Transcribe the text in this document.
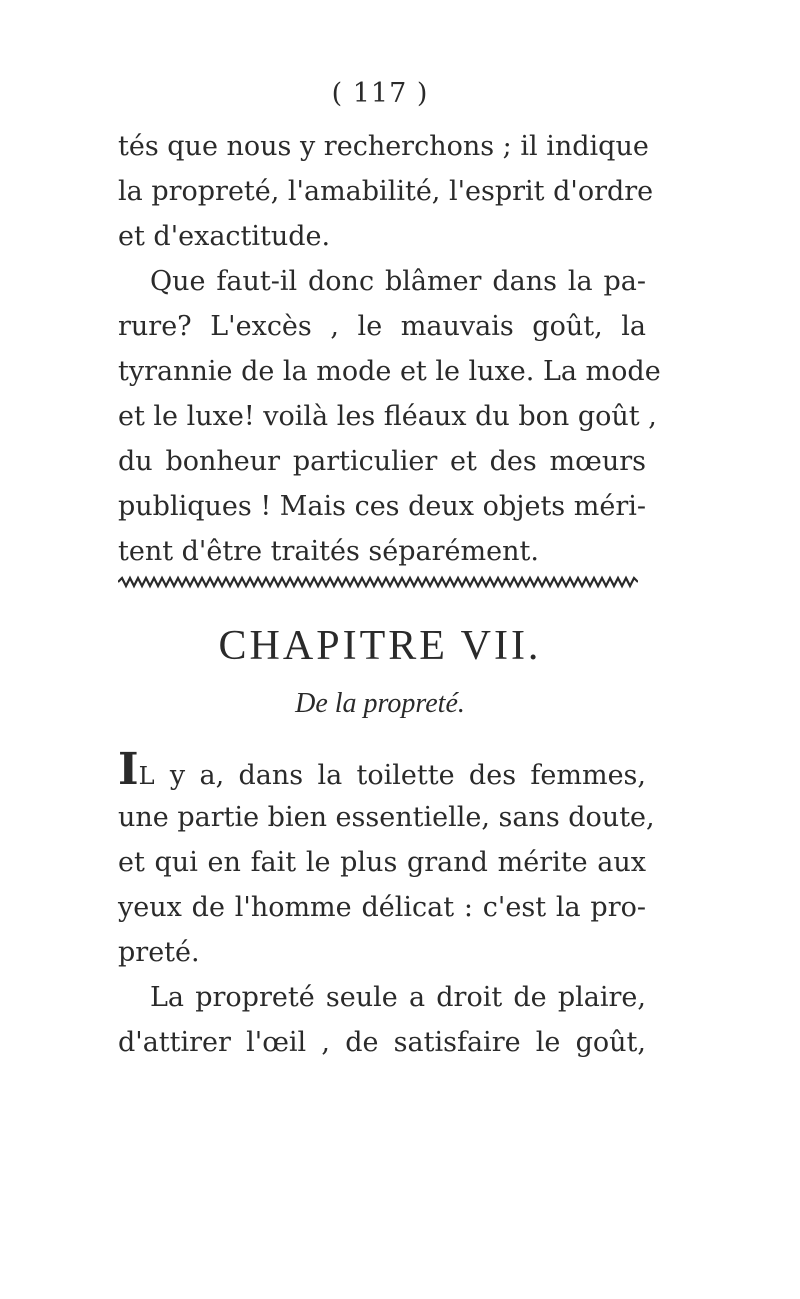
( 117 )
tés que nous y recherchons ; il indique
la propreté, l'amabilité, l'esprit d'ordre
et d'exactitude.
Que faut-il donc blâmer dans la pa-
rure? L'excès , le mauvais goût, la
tyrannie de la mode et le luxe. La mode
et le luxe! voilà les fléaux du bon goût ,
du bonheur particulier et des mœurs
publiques ! Mais ces deux objets méri-
tent d'être traités séparément.
CHAPITRE VII.
De la propreté.
IL y a, dans la toilette des femmes,
une partie bien essentielle, sans doute,
et qui en fait le plus grand mérite aux
yeux de l'homme délicat : c'est la pro-
preté.
La propreté seule a droit de plaire,
d'attirer l'œil , de satisfaire le goût,
